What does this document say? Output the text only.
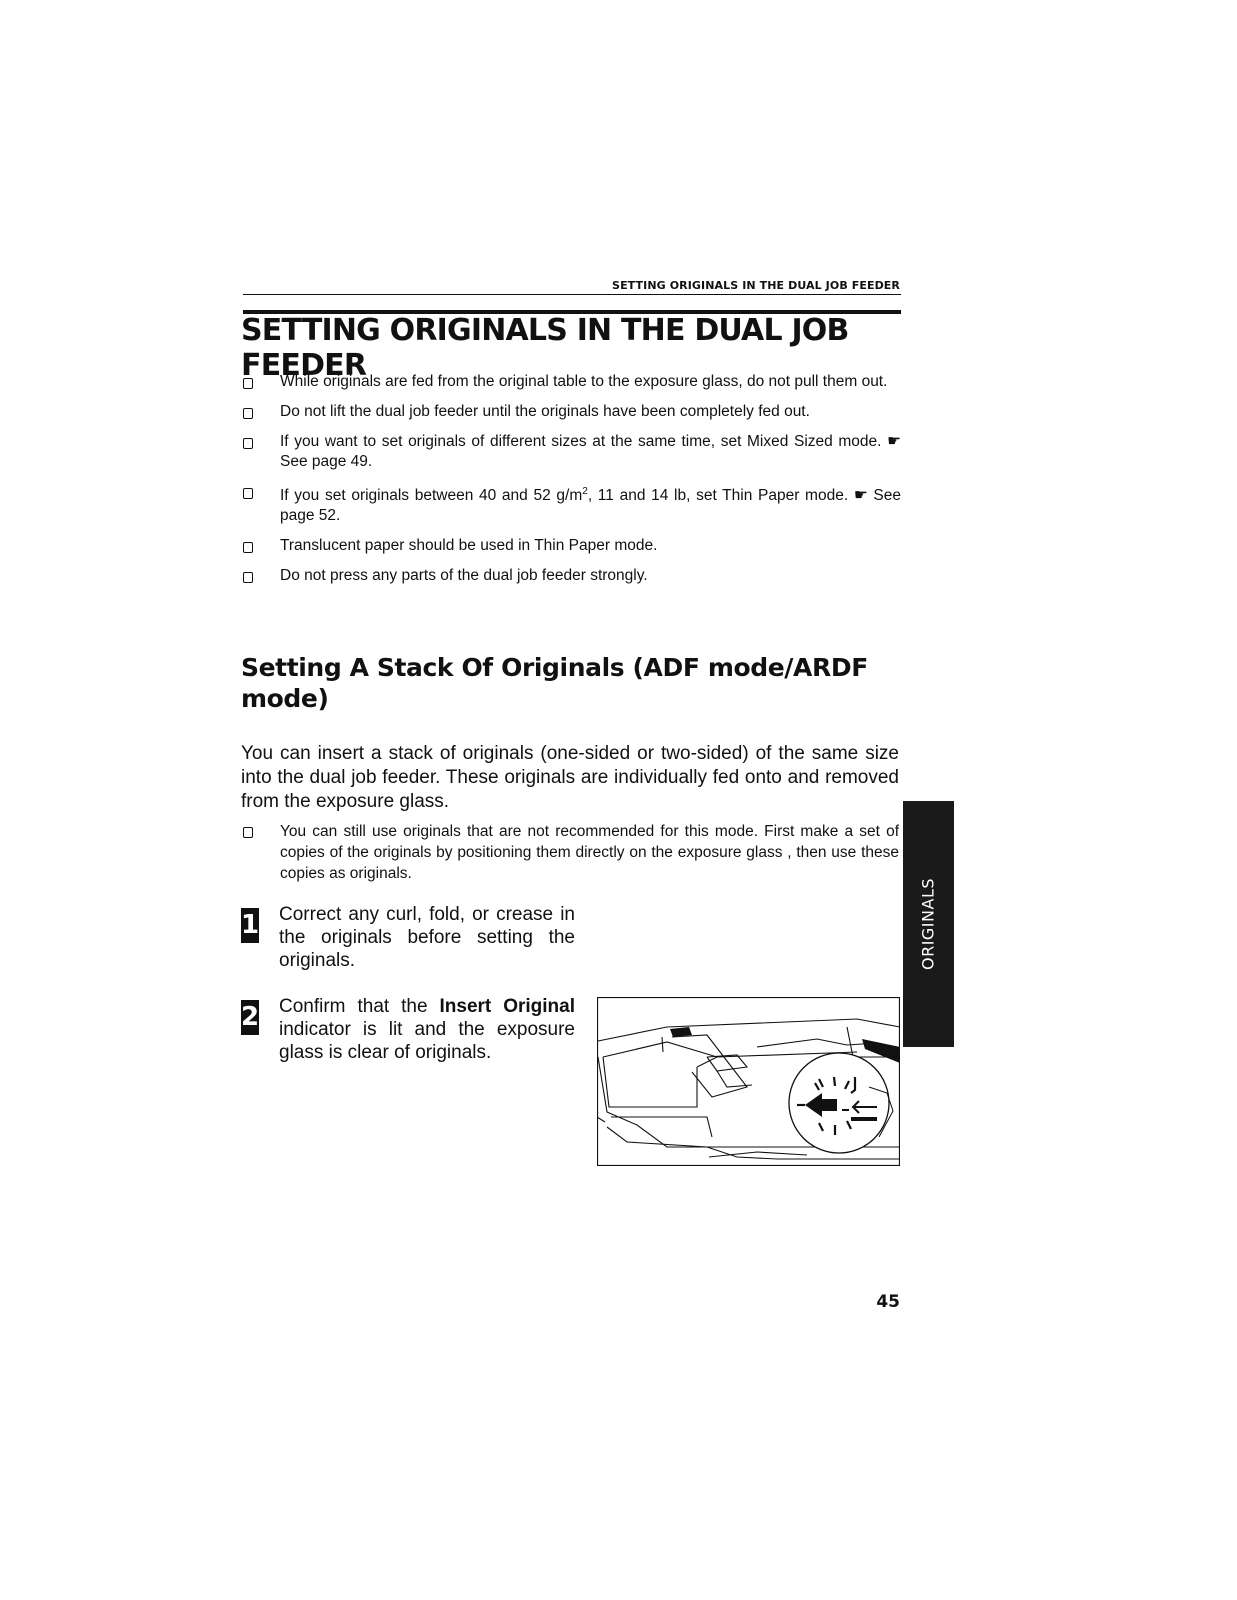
SETTING ORIGINALS IN THE DUAL JOB FEEDER
SETTING ORIGINALS IN THE DUAL JOB FEEDER
While originals are fed from the original table to the exposure glass, do not pull them out.
Do not lift the dual job feeder until the originals have been completely fed out.
If you want to set originals of different sizes at the same time, set Mixed Sized mode. ☛ See page 49.
If you set originals between 40 and 52 $g/m^2$, 11 and 14 lb, set Thin Paper mode. ☛ See page 52.
Translucent paper should be used in Thin Paper mode.
Do not press any parts of the dual job feeder strongly.
Setting A Stack Of Originals (ADF mode/ARDF mode)

You can insert a stack of originals (one-sided or two-sided) of the same size into the dual job feeder. These originals are individually fed onto and removed from the exposure glass.

You can still use originals that are not recommended for this mode. First make a set of copies of the originals by positioning them directly on the exposure glass , then use these copies as originals.
1 Correct any curl, fold, or crease in the originals before setting the originals.

2 Confirm that the Insert Original indicator is lit and the exposure glass is clear of originals.

ORIGINALS
45
